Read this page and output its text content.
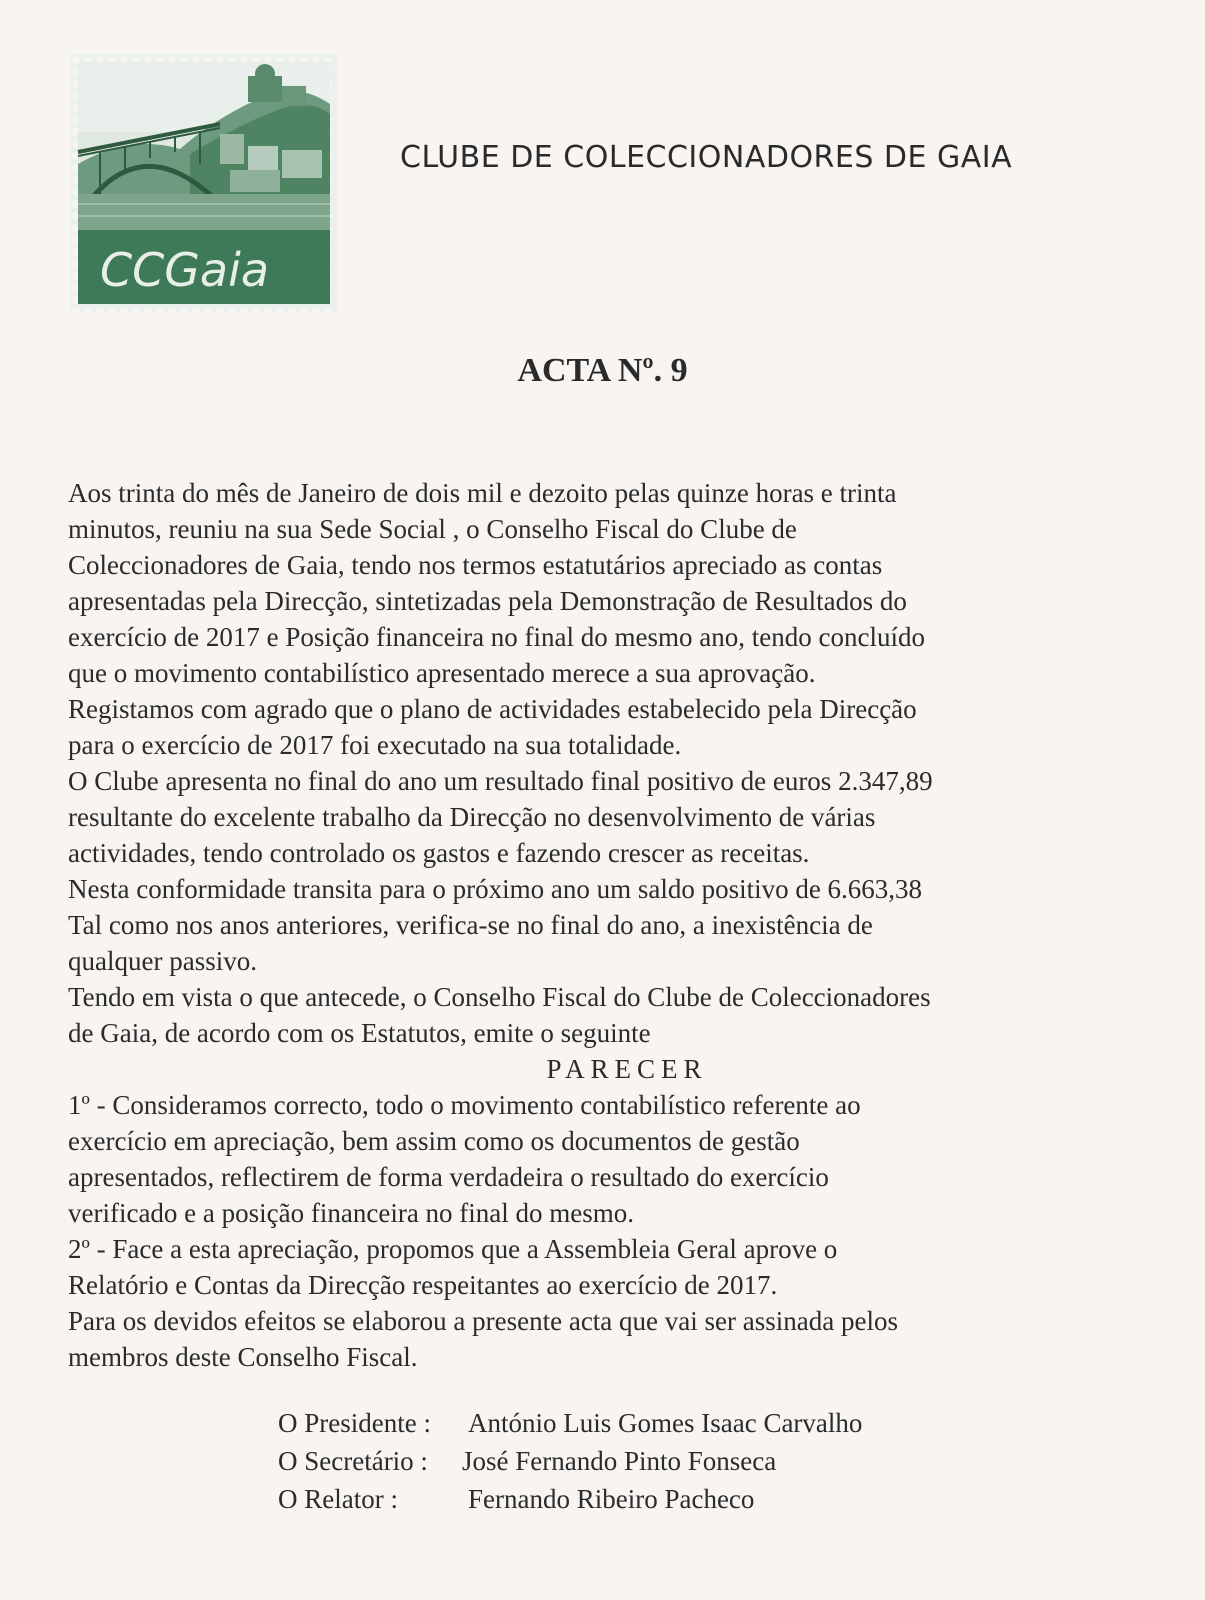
CCGaia
CLUBE DE COLECCIONADORES DE GAIA
ACTA Nº. 9
Aos trinta do mês de Janeiro de dois mil e dezoito pelas quinze horas e trinta
minutos, reuniu na sua Sede Social , o Conselho Fiscal do Clube de
Coleccionadores de Gaia, tendo nos termos estatutários apreciado as contas
apresentadas pela Direcção, sintetizadas pela Demonstração de Resultados do
exercício de 2017 e Posição financeira no final do mesmo ano, tendo concluído
que o movimento contabilístico apresentado merece a sua aprovação.
Registamos com agrado que o plano de actividades estabelecido pela Direcção
para o exercício de 2017 foi executado na sua totalidade.
O Clube apresenta no final do ano um resultado final positivo de euros 2.347,89
resultante do excelente trabalho da Direcção no desenvolvimento de várias
actividades, tendo controlado os gastos e fazendo crescer as receitas.
Nesta conformidade transita para o próximo ano um saldo positivo de 6.663,38
Tal como nos anos anteriores, verifica-se no final do ano, a inexistência de
qualquer passivo.
Tendo em vista o que antecede, o Conselho Fiscal do Clube de Coleccionadores
de Gaia, de acordo com os Estatutos, emite o seguinte
PARECER
1º - Consideramos correcto, todo o movimento contabilístico referente ao
exercício em apreciação, bem assim como os documentos de gestão
apresentados, reflectirem de forma verdadeira o resultado do exercício
verificado e a posição financeira no final do mesmo.
2º - Face a esta apreciação, propomos que a Assembleia Geral aprove o
Relatório e Contas da Direcção respeitantes ao exercício de 2017.
Para os devidos efeitos se elaborou a presente acta que vai ser assinada pelos
membros deste Conselho Fiscal.
O Presidente :	António Luis Gomes Isaac Carvalho
O Secretário :	José Fernando Pinto Fonseca
O Relator :	Fernando Ribeiro Pacheco
